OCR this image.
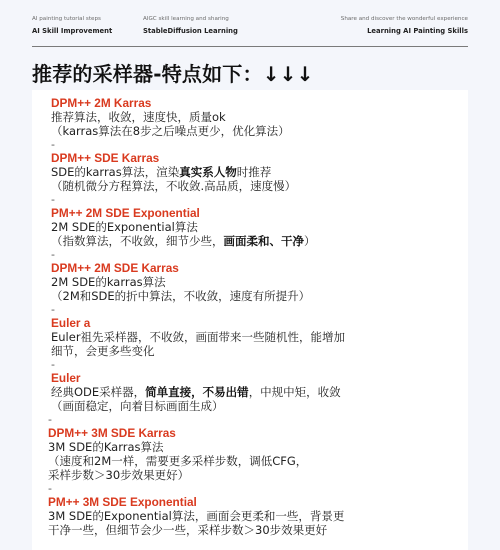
AI painting tutorial steps
AI Skill Improvement
AIGC skill learning and sharing
StableDiffusion Learning
Share and discover the wonderful experience
Learning AI Painting Skills
推荐的采样器-特点如下：↓↓↓
DPM++ 2M Karras
推荐算法，收敛，速度快，质量ok
（karras算法在8步之后噪点更少，优化算法）
-
DPM++ SDE Karras
SDE的karras算法，渲染真实系人物时推荐
（随机微分方程算法，不收敛.高品质，速度慢）
-
PM++ 2M SDE Exponential
2M SDE的Exponential算法
（指数算法，不收敛，细节少些，画面柔和、干净）
-
DPM++ 2M SDE Karras
2M SDE的karras算法
（2M和SDE的折中算法，不收敛，速度有所提升）
-
Euler a
Euler祖先采样器，不收敛，画面带来一些随机性，能增加
细节，会更多些变化
-
Euler
经典ODE采样器，简单直接，不易出错，中规中矩，收敛
（画面稳定，向着目标画面生成）
-
DPM++ 3M SDE Karras
3M SDE的Karras算法
（速度和2M一样，需要更多采样步数，调低CFG，
采样步数＞30步效果更好）
-
PM++ 3M SDE Exponential
3M SDE的Exponential算法，画面会更柔和一些，背景更
干净一些，但细节会少一些，采样步数＞30步效果更好
